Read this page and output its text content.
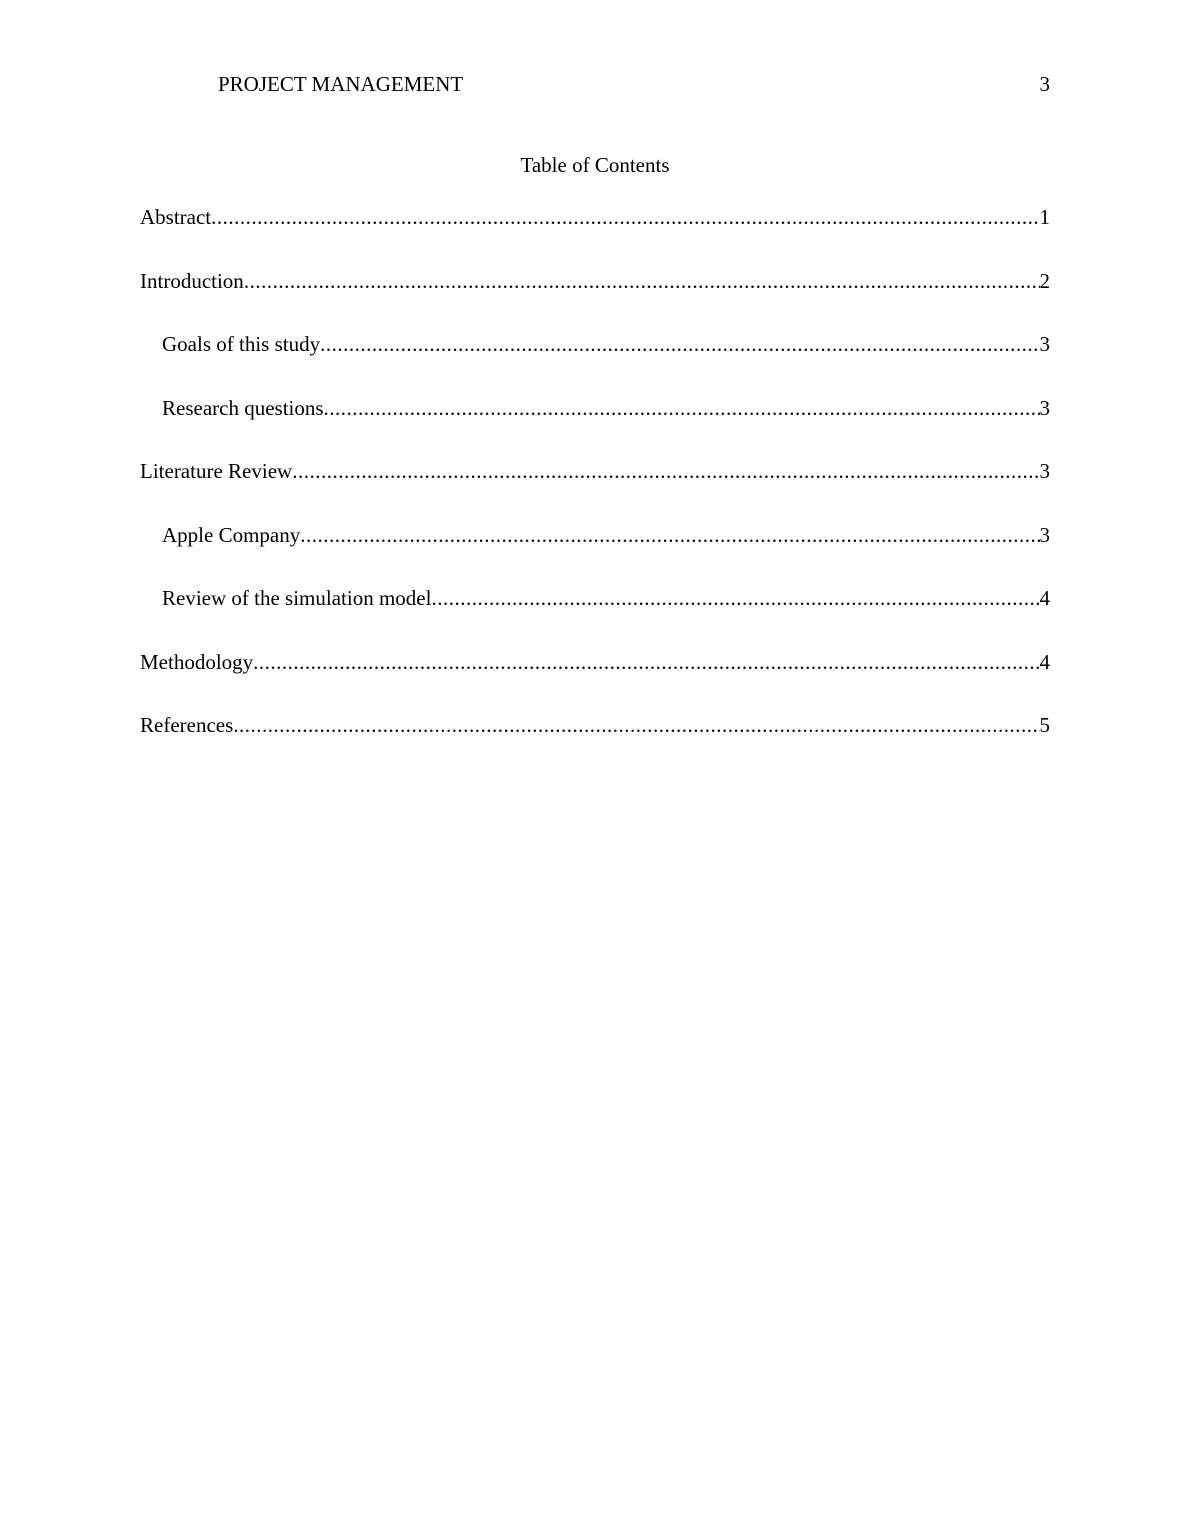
PROJECT MANAGEMENT	3
Table of Contents
Abstract .....	1
Introduction .....	2
Goals of this study .....	3
Research questions .....	3
Literature Review .....	3
Apple Company .....	3
Review of the simulation model .....	4
Methodology .....	4
References .....	5
